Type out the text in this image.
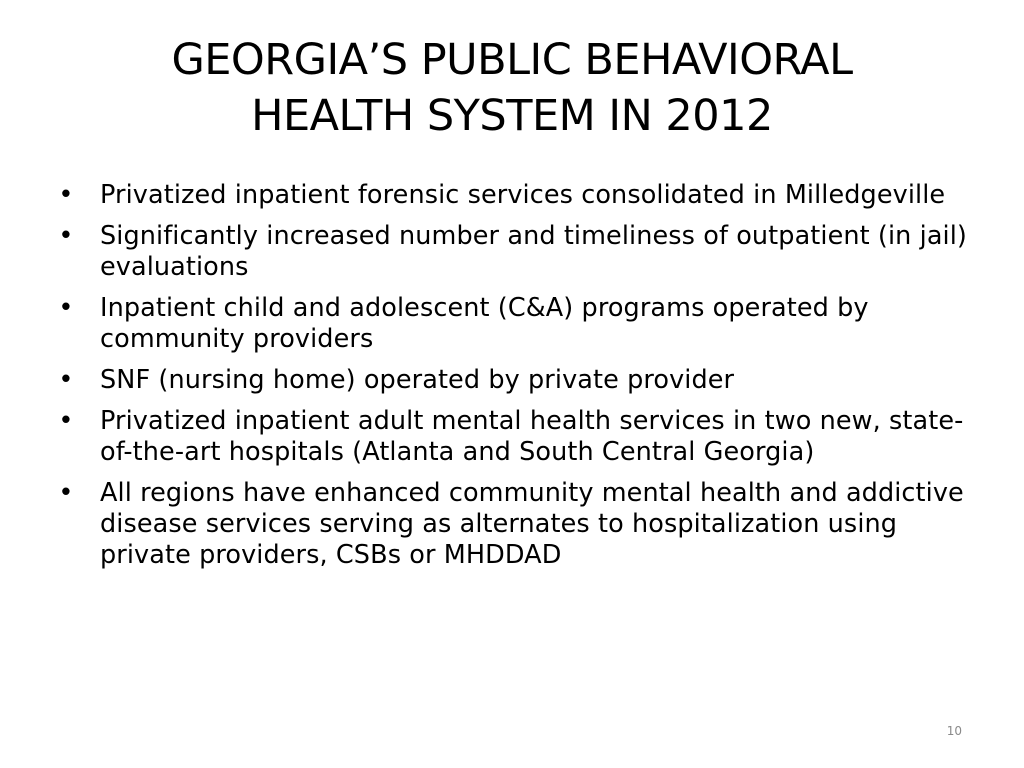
GEORGIA’S PUBLIC BEHAVIORAL
HEALTH SYSTEM IN 2012
• Privatized inpatient forensic services consolidated in Milledgeville
• Significantly increased number and timeliness of outpatient (in jail) evaluations
• Inpatient child and adolescent (C&A) programs operated by community providers
• SNF (nursing home) operated by private provider
• Privatized inpatient adult mental health services in two new, state-of-the-art hospitals (Atlanta and South Central Georgia)
• All regions have enhanced community mental health and addictive disease services serving as alternates to hospitalization using private providers, CSBs or MHDDAD
10
